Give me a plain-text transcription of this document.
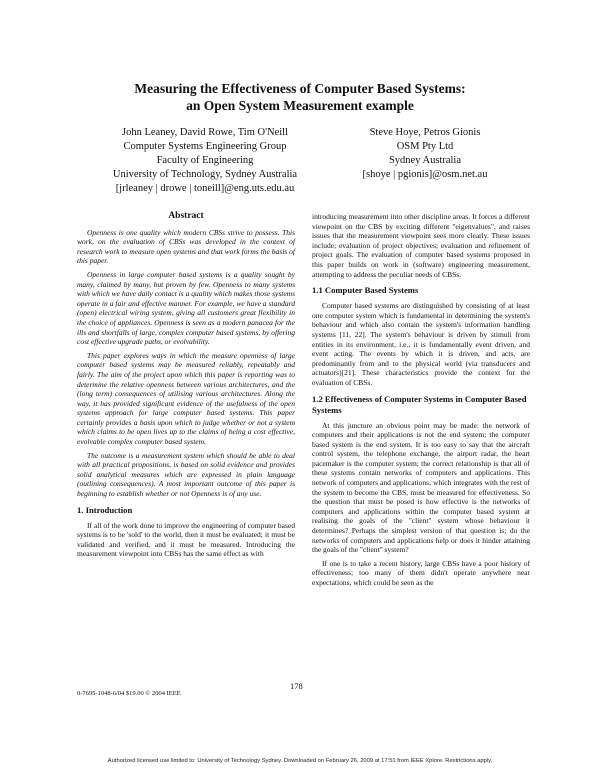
Measuring the Effectiveness of Computer Based Systems:
an Open System Measurement example
John Leaney, David Rowe, Tim O'Neill
Computer Systems Engineering Group
Faculty of Engineering
University of Technology, Sydney Australia
[jrleaney | drowe | toneill]@eng.uts.edu.au
Steve Hoye, Petros Gionis
OSM Pty Ltd
Sydney Australia
[shoye | pgionis]@osm.net.au
Abstract

Openness is one quality which modern CBSs strive to possess. This work, on the evaluation of CBSs was developed in the context of research work to measure open systems and that work forms the basis of this paper.

Openness in large computer based systems is a quality sought by many, claimed by many, but proven by few. Openness to many systems with which we have daily contact is a quality which makes those systems operate in a fair and effective manner. For example, we have a standard (open) electrical wiring system, giving all customers great flexibility in the choice of appliances. Openness is seen as a modern panacea for the ills and shortfalls of large, complex computer based systems, by offering cost effective upgrade paths, or evolvability.

This paper explores ways in which the measure openness of large computer based systems may be measured reliably, repeatably and fairly. The aim of the project upon which this paper is reporting was to determine the relative openness between various architectures, and the (long term) consequences of utilising various architectures. Along the way, it has provided significant evidence of the usefulness of the open systems approach for large computer based systems. This paper certainly provides a basis upon which to judge whether or not a system which claims to be open lives up to the claims of being a cost effective, evolvable complex computer based system.

The outcome is a measurement system which should be able to deal with all practical propositions, is based on solid evidence and provides solid analytical measures which are expressed in plain language (outlining consequences). A most important outcome of this paper is beginning to establish whether or not Openness is of any use.

1. Introduction

If all of the work done to improve the engineering of computer based systems is to be 'sold' to the world, then it must be evaluated; it must be validated and verified, and it must be measured. Introducing the measurement viewpoint into CBSs has the same effect as with

introducing measurement into other discipline areas. It forces a different viewpoint on the CBS by exciting different "eigenvalues", and raises issues that the measurement viewpoint sees more clearly. These issues include; evaluation of project objectives; evaluation and refinement of project goals. The evaluation of computer based systems proposed in this paper builds on work in (software) engineering measurement, attempting to address the peculiar needs of CBSs.

1.1 Computer Based Systems

Computer based systems are distinguished by consisting of at least one computer system which is fundamental in determining the system's behaviour and which also contain the system's information handling systems [11, 22]. The system's behaviour is driven by stimuli from entities in its environment, i.e., it is fundamentally event driven, and event acting. The events by which it is driven, and acts, are predominantly from and to the physical world (via transducers and actuators)[21]. These characteristics provide the context for the evaluation of CBSs.

1.2 Effectiveness of Computer Systems in Computer Based Systems

At this juncture an obvious point may be made: the network of computers and their applications is not the end system; the computer based system is the end system. It is too easy to say that the aircraft control system, the telephone exchange, the airport radar, the heart pacemaker is the computer system; the correct relationship is that all of these systems contain networks of computers and applications. This network of computers and applications, which integrates with the rest of the system to become the CBS, must be measured for effectiveness. So the question that must be posed is how effective is the networks of computers and applications within the computer based system at realising the goals of the "client" system whose behaviour it determines? Perhaps the simplest version of that question is; do the networks of computers and applications help or does it hinder attaining the goals of the "client" system?

If one is to take a recent history, large CBSs have a poor history of effectiveness; too many of them didn't operate anywhere near expectations, which could be seen as the

178
0-7695-1048-6/04 $19.00 © 2004 IEEE
Authorized licensed use limited to: University of Technology Sydney. Downloaded on February 26, 2009 at 17:51 from IEEE Xplore. Restrictions apply.
